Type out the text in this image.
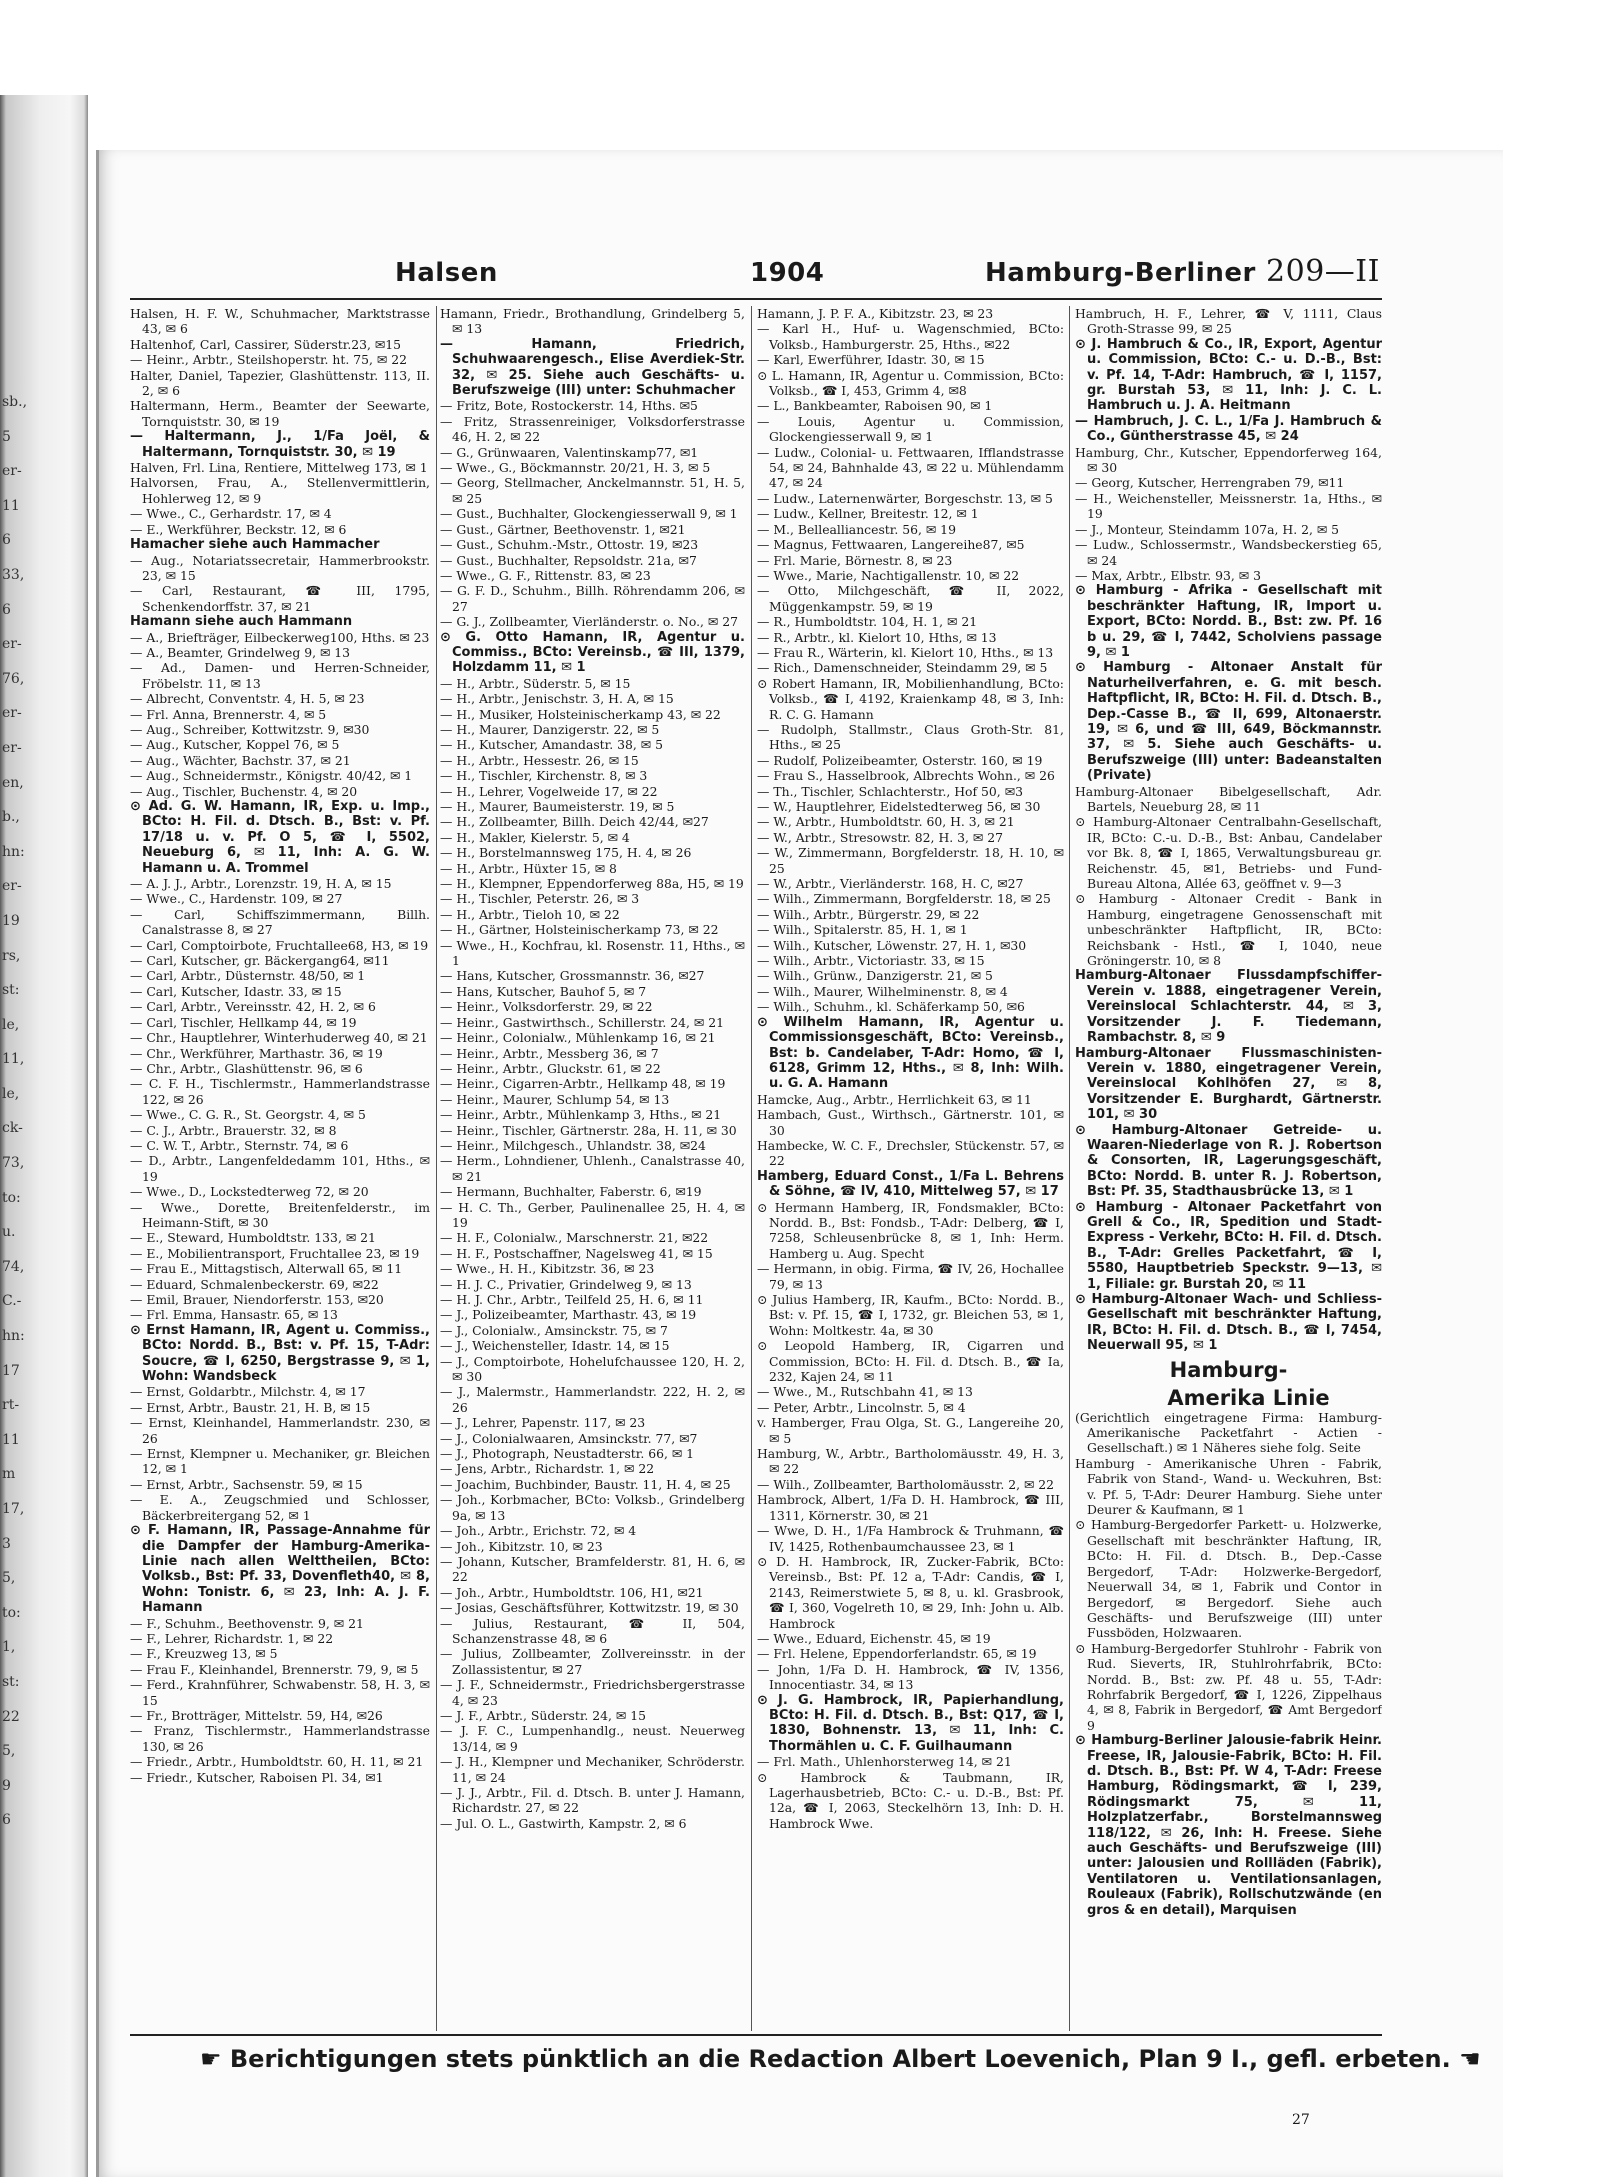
sb.,
5
er-
11
6
33,
6
er-
76,
er-
er-
en,
b.,
hn:
er-
19
rs,
st:
le,
11,
le,
ck-
73,
to:
u.
74,
C.-
hn:
17
rt-
11
m
17,
3
5,
to:
1,
st:
22
5,
9
6
Halsen	1904	Hamburg-Berliner 209—II

Halsen, H. F. W., Schuhmacher, Marktstrasse 43, ✉ 6

Haltenhof, Carl, Cassirer, Süderstr.23, ✉15

— Heinr., Arbtr., Steilshoperstr. ht. 75, ✉ 22

Halter, Daniel, Tapezier, Glashüttenstr. 113, II. 2, ✉ 6

Haltermann, Herm., Beamter der Seewarte, Tornquiststr. 30, ✉ 19

— Haltermann, J., 1/Fa Joël, & Haltermann, Tornquiststr. 30, ✉ 19

Halven, Frl. Lina, Rentiere, Mittelweg 173, ✉ 1

Halvorsen, Frau, A., Stellenvermittlerin, Hohlerweg 12, ✉ 9

— Wwe., C., Gerhardstr. 17, ✉ 4

— E., Werkführer, Beckstr. 12, ✉ 6

Hamacher siehe auch Hammacher

— Aug., Notariatssecretair, Hammerbrookstr. 23, ✉ 15

— Carl, Restaurant, ☎ III, 1795, Schenkendorffstr. 37, ✉ 21

Hamann siehe auch Hammann

— A., Briefträger, Eilbeckerweg100, Hths. ✉ 23

— A., Beamter, Grindelweg 9, ✉ 13

— Ad., Damen- und Herren-Schneider, Fröbelstr. 11, ✉ 13

— Albrecht, Conventstr. 4, H. 5, ✉ 23

— Frl. Anna, Brennerstr. 4, ✉ 5

— Aug., Schreiber, Kottwitzstr. 9, ✉30

— Aug., Kutscher, Koppel 76, ✉ 5

— Aug., Wächter, Bachstr. 37, ✉ 21

— Aug., Schneidermstr., Königstr. 40/42, ✉ 1

— Aug., Tischler, Buchenstr. 4, ✉ 20

⊙ Ad. G. W. Hamann, IR, Exp. u. Imp., BCto: H. Fil. d. Dtsch. B., Bst: v. Pf. 17/18 u. v. Pf. O 5, ☎ I, 5502, Neueburg 6, ✉ 11, Inh: A. G. W. Hamann u. A. Trommel

— A. J. J., Arbtr., Lorenzstr. 19, H. A, ✉ 15

— Wwe., C., Hardenstr. 109, ✉ 27

— Carl, Schiffszimmermann, Billh. Canalstrasse 8, ✉ 27

— Carl, Comptoirbote, Fruchtallee68, H3, ✉ 19

— Carl, Kutscher, gr. Bäckergang64, ✉11

— Carl, Arbtr., Düsternstr. 48/50, ✉ 1

— Carl, Kutscher, Idastr. 33, ✉ 15

— Carl, Arbtr., Vereinsstr. 42, H. 2, ✉ 6

— Carl, Tischler, Hellkamp 44, ✉ 19

— Chr., Hauptlehrer, Winterhuderweg 40, ✉ 21

— Chr., Werkführer, Marthastr. 36, ✉ 19

— Chr., Arbtr., Glashüttenstr. 96, ✉ 6

— C. F. H., Tischlermstr., Hammerlandstrasse 122, ✉ 26

— Wwe., C. G. R., St. Georgstr. 4, ✉ 5

— C. J., Arbtr., Brauerstr. 32, ✉ 8

— C. W. T., Arbtr., Sternstr. 74, ✉ 6

— D., Arbtr., Langenfeldedamm 101, Hths., ✉ 19

— Wwe., D., Lockstedterweg 72, ✉ 20

— Wwe., Dorette, Breitenfelderstr., im Heimann-Stift, ✉ 30

— E., Steward, Humboldtstr. 133, ✉ 21

— E., Mobilientransport, Fruchtallee 23, ✉ 19

— Frau E., Mittagstisch, Alterwall 65, ✉ 11

— Eduard, Schmalenbeckerstr. 69, ✉22

— Emil, Brauer, Niendorferstr. 153, ✉20

— Frl. Emma, Hansastr. 65, ✉ 13

⊙ Ernst Hamann, IR, Agent u. Commiss., BCto: Nordd. B., Bst: v. Pf. 15, T-Adr: Soucre, ☎ I, 6250, Bergstrasse 9, ✉ 1, Wohn: Wandsbeck

— Ernst, Goldarbtr., Milchstr. 4, ✉ 17

— Ernst, Arbtr., Baustr. 21, H. B, ✉ 15

— Ernst, Kleinhandel, Hammerlandstr. 230, ✉ 26

— Ernst, Klempner u. Mechaniker, gr. Bleichen 12, ✉ 1

— Ernst, Arbtr., Sachsenstr. 59, ✉ 15

— E. A., Zeugschmied und Schlosser, Bäckerbreitergang 52, ✉ 1

⊙ F. Hamann, IR, Passage-Annahme für die Dampfer der Hamburg-Amerika-Linie nach allen Welttheilen, BCto: Volksb., Bst: Pf. 33, Dovenfleth40, ✉ 8, Wohn: Tonistr. 6, ✉ 23, Inh: A. J. F. Hamann

— F., Schuhm., Beethovenstr. 9, ✉ 21

— F., Lehrer, Richardstr. 1, ✉ 22

— F., Kreuzweg 13, ✉ 5

— Frau F., Kleinhandel, Brennerstr. 79, 9, ✉ 5

— Ferd., Krahnführer, Schwabenstr. 58, H. 3, ✉ 15

— Fr., Brotträger, Mittelstr. 59, H4, ✉26

— Franz, Tischlermstr., Hammerlandstrasse 130, ✉ 26

— Friedr., Arbtr., Humboldtstr. 60, H. 11, ✉ 21

— Friedr., Kutscher, Raboisen Pl. 34, ✉1

Hamann, Friedr., Brothandlung, Grindelberg 5, ✉ 13

— Hamann, Friedrich, Schuhwaarengesch., Elise Averdiek-Str. 32, ✉ 25. Siehe auch Geschäfts- u. Berufszweige (III) unter: Schuhmacher

— Fritz, Bote, Rostockerstr. 14, Hths. ✉5

— Fritz, Strassenreiniger, Volksdorferstrasse 46, H. 2, ✉ 22

— G., Grünwaaren, Valentinskamp77, ✉1

— Wwe., G., Böckmannstr. 20/21, H. 3, ✉ 5

— Georg, Stellmacher, Anckelmannstr. 51, H. 5, ✉ 25

— Gust., Buchhalter, Glockengiesserwall 9, ✉ 1

— Gust., Gärtner, Beethovenstr. 1, ✉21

— Gust., Schuhm.-Mstr., Ottostr. 19, ✉23

— Gust., Buchhalter, Repsoldstr. 21a, ✉7

— Wwe., G. F., Rittenstr. 83, ✉ 23

— G. F. D., Schuhm., Billh. Röhrendamm 206, ✉ 27

— G. J., Zollbeamter, Vierländerstr. o. No., ✉ 27

⊙ G. Otto Hamann, IR, Agentur u. Commiss., BCto: Vereinsb., ☎ III, 1379, Holzdamm 11, ✉ 1

— H., Arbtr., Süderstr. 5, ✉ 15

— H., Arbtr., Jenischstr. 3, H. A, ✉ 15

— H., Musiker, Holsteinischerkamp 43, ✉ 22

— H., Maurer, Danzigerstr. 22, ✉ 5

— H., Kutscher, Amandastr. 38, ✉ 5

— H., Arbtr., Hessestr. 26, ✉ 15

— H., Tischler, Kirchenstr. 8, ✉ 3

— H., Lehrer, Vogelweide 17, ✉ 22

— H., Maurer, Baumeisterstr. 19, ✉ 5

— H., Zollbeamter, Billh. Deich 42/44, ✉27

— H., Makler, Kielerstr. 5, ✉ 4

— H., Borstelmannsweg 175, H. 4, ✉ 26

— H., Arbtr., Hüxter 15, ✉ 8

— H., Klempner, Eppendorferweg 88a, H5, ✉ 19

— H., Tischler, Peterstr. 26, ✉ 3

— H., Arbtr., Tieloh 10, ✉ 22

— H., Gärtner, Holsteinischerkamp 73, ✉ 22

— Wwe., H., Kochfrau, kl. Rosenstr. 11, Hths., ✉ 1

— Hans, Kutscher, Grossmannstr. 36, ✉27

— Hans, Kutscher, Bauhof 5, ✉ 7

— Heinr., Volksdorferstr. 29, ✉ 22

— Heinr., Gastwirthsch., Schillerstr. 24, ✉ 21

— Heinr., Colonialw., Mühlenkamp 16, ✉ 21

— Heinr., Arbtr., Messberg 36, ✉ 7

— Heinr., Arbtr., Gluckstr. 61, ✉ 22

— Heinr., Cigarren-Arbtr., Hellkamp 48, ✉ 19

— Heinr., Maurer, Schlump 54, ✉ 13

— Heinr., Arbtr., Mühlenkamp 3, Hths., ✉ 21

— Heinr., Tischler, Gärtnerstr. 28a, H. 11, ✉ 30

— Heinr., Milchgesch., Uhlandstr. 38, ✉24

— Herm., Lohndiener, Uhlenh., Canalstrasse 40, ✉ 21

— Hermann, Buchhalter, Faberstr. 6, ✉19

— H. C. Th., Gerber, Paulinenallee 25, H. 4, ✉ 19

— H. F., Colonialw., Marschnerstr. 21, ✉22

— H. F., Postschaffner, Nagelsweg 41, ✉ 15

— Wwe., H. H., Kibitzstr. 36, ✉ 23

— H. J. C., Privatier, Grindelweg 9, ✉ 13

— H. J. Chr., Arbtr., Teilfeld 25, H. 6, ✉ 11

— J., Polizeibeamter, Marthastr. 43, ✉ 19

— J., Colonialw., Amsinckstr. 75, ✉ 7

— J., Weichensteller, Idastr. 14, ✉ 15

— J., Comptoirbote, Hohelufchaussee 120, H. 2, ✉ 30

— J., Malermstr., Hammerlandstr. 222, H. 2, ✉ 26

— J., Lehrer, Papenstr. 117, ✉ 23

— J., Colonialwaaren, Amsinckstr. 77, ✉7

— J., Photograph, Neustadterstr. 66, ✉ 1

— Jens, Arbtr., Richardstr. 1, ✉ 22

— Joachim, Buchbinder, Baustr. 11, H. 4, ✉ 25

— Joh., Korbmacher, BCto: Volksb., Grindelberg 9a, ✉ 13

— Joh., Arbtr., Erichstr. 72, ✉ 4

— Joh., Kibitzstr. 10, ✉ 23

— Johann, Kutscher, Bramfelderstr. 81, H. 6, ✉ 22

— Joh., Arbtr., Humboldtstr. 106, H1, ✉21

— Josias, Geschäftsführer, Kottwitzstr. 19, ✉ 30

— Julius, Restaurant, ☎ II, 504, Schanzenstrasse 48, ✉ 6

— Julius, Zollbeamter, Zollvereinsstr. in der Zollassistentur, ✉ 27

— J. F., Schneidermstr., Friedrichsbergerstrasse 4, ✉ 23

— J. F., Arbtr., Süderstr. 24, ✉ 15

— J. F. C., Lumpenhandlg., neust. Neuerweg 13/14, ✉ 9

— J. H., Klempner und Mechaniker, Schröderstr. 11, ✉ 24

— J. J., Arbtr., Fil. d. Dtsch. B. unter J. Hamann, Richardstr. 27, ✉ 22

— Jul. O. L., Gastwirth, Kampstr. 2, ✉ 6

Hamann, J. P. F. A., Kibitzstr. 23, ✉ 23

— Karl H., Huf- u. Wagenschmied, BCto: Volksb., Hamburgerstr. 25, Hths., ✉22

— Karl, Ewerführer, Idastr. 30, ✉ 15

⊙ L. Hamann, IR, Agentur u. Commission, BCto: Volksb., ☎ I, 453, Grimm 4, ✉8

— L., Bankbeamter, Raboisen 90, ✉ 1

— Louis, Agentur u. Commission, Glockengiesserwall 9, ✉ 1

— Ludw., Colonial- u. Fettwaaren, Ifflandstrasse 54, ✉ 24, Bahnhalde 43, ✉ 22 u. Mühlendamm 47, ✉ 24

— Ludw., Laternenwärter, Borgeschstr. 13, ✉ 5

— Ludw., Kellner, Breitestr. 12, ✉ 1

— M., Bellealliancestr. 56, ✉ 19

— Magnus, Fettwaaren, Langereihe87, ✉5

— Frl. Marie, Börnestr. 8, ✉ 23

— Wwe., Marie, Nachtigallenstr. 10, ✉ 22

— Otto, Milchgeschäft, ☎ II, 2022, Müggenkampstr. 59, ✉ 19

— R., Humboldtstr. 104, H. 1, ✉ 21

— R., Arbtr., kl. Kielort 10, Hths, ✉ 13

— Frau R., Wärterin, kl. Kielort 10, Hths., ✉ 13

— Rich., Damenschneider, Steindamm 29, ✉ 5

⊙ Robert Hamann, IR, Mobilienhandlung, BCto: Volksb., ☎ I, 4192, Kraienkamp 48, ✉ 3, Inh: R. C. G. Hamann

— Rudolph, Stallmstr., Claus Groth-Str. 81, Hths., ✉ 25

— Rudolf, Polizeibeamter, Osterstr. 160, ✉ 19

— Frau S., Hasselbrook, Albrechts Wohn., ✉ 26

— Th., Tischler, Schlachterstr., Hof 50, ✉3

— W., Hauptlehrer, Eidelstedterweg 56, ✉ 30

— W., Arbtr., Humboldtstr. 60, H. 3, ✉ 21

— W., Arbtr., Stresowstr. 82, H. 3, ✉ 27

— W., Zimmermann, Borgfelderstr. 18, H. 10, ✉ 25

— W., Arbtr., Vierländerstr. 168, H. C, ✉27

— Wilh., Zimmermann, Borgfelderstr. 18, ✉ 25

— Wilh., Arbtr., Bürgerstr. 29, ✉ 22

— Wilh., Spitalerstr. 85, H. 1, ✉ 1

— Wilh., Kutscher, Löwenstr. 27, H. 1, ✉30

— Wilh., Arbtr., Victoriastr. 33, ✉ 15

— Wilh., Grünw., Danzigerstr. 21, ✉ 5

— Wilh., Maurer, Wilhelminenstr. 8, ✉ 4

— Wilh., Schuhm., kl. Schäferkamp 50, ✉6

⊙ Wilhelm Hamann, IR, Agentur u. Commissionsgeschäft, BCto: Vereinsb., Bst: b. Candelaber, T-Adr: Homo, ☎ I, 6128, Grimm 12, Hths., ✉ 8, Inh: Wilh. u. G. A. Hamann

Hamcke, Aug., Arbtr., Herrlichkeit 63, ✉ 11

Hambach, Gust., Wirthsch., Gärtnerstr. 101, ✉ 30

Hambecke, W. C. F., Drechsler, Stückenstr. 57, ✉ 22

Hamberg, Eduard Const., 1/Fa L. Behrens & Söhne, ☎ IV, 410, Mittelweg 57, ✉ 17

⊙ Hermann Hamberg, IR, Fondsmakler, BCto: Nordd. B., Bst: Fondsb., T-Adr: Delberg, ☎ I, 7258, Schleusenbrücke 8, ✉ 1, Inh: Herm. Hamberg u. Aug. Specht

— Hermann, in obig. Firma, ☎ IV, 26, Hochallee 79, ✉ 13

⊙ Julius Hamberg, IR, Kaufm., BCto: Nordd. B., Bst: v. Pf. 15, ☎ I, 1732, gr. Bleichen 53, ✉ 1, Wohn: Moltkestr. 4a, ✉ 30

⊙ Leopold Hamberg, IR, Cigarren und Commission, BCto: H. Fil. d. Dtsch. B., ☎ Ia, 232, Kajen 24, ✉ 11

— Wwe., M., Rutschbahn 41, ✉ 13

— Peter, Arbtr., Lincolnstr. 5, ✉ 4

v. Hamberger, Frau Olga, St. G., Langereihe 20, ✉ 5

Hamburg, W., Arbtr., Bartholomäusstr. 49, H. 3, ✉ 22

— Wilh., Zollbeamter, Bartholomäusstr. 2, ✉ 22

Hambrock, Albert, 1/Fa D. H. Hambrock, ☎ III, 1311, Körnerstr. 30, ✉ 21

— Wwe, D. H., 1/Fa Hambrock & Truhmann, ☎ IV, 1425, Rothenbaumchaussee 23, ✉ 1

⊙ D. H. Hambrock, IR, Zucker-Fabrik, BCto: Vereinsb., Bst: Pf. 12 a, T-Adr: Candis, ☎ I, 2143, Reimerstwiete 5, ✉ 8, u. kl. Grasbrook, ☎ I, 360, Vogelreth 10, ✉ 29, Inh: John u. Alb. Hambrock

— Wwe., Eduard, Eichenstr. 45, ✉ 19

— Frl. Helene, Eppendorferlandstr. 65, ✉ 19

— John, 1/Fa D. H. Hambrock, ☎ IV, 1356, Innocentiastr. 34, ✉ 13

⊙ J. G. Hambrock, IR, Papierhandlung, BCto: H. Fil. d. Dtsch. B., Bst: Q17, ☎ I, 1830, Bohnenstr. 13, ✉ 11, Inh: C. Thormählen u. C. F. Guilhaumann

— Frl. Math., Uhlenhorsterweg 14, ✉ 21

⊙ Hambrock & Taubmann, IR, Lagerhausbetrieb, BCto: C.- u. D.-B., Bst: Pf. 12a, ☎ I, 2063, Steckelhörn 13, Inh: D. H. Hambrock Wwe.

Hambruch, H. F., Lehrer, ☎ V, 1111, Claus Groth-Strasse 99, ✉ 25

⊙ J. Hambruch & Co., IR, Export, Agentur u. Commission, BCto: C.- u. D.-B., Bst: v. Pf. 14, T-Adr: Hambruch, ☎ I, 1157, gr. Burstah 53, ✉ 11, Inh: J. C. L. Hambruch u. J. A. Heitmann

— Hambruch, J. C. L., 1/Fa J. Hambruch & Co., Güntherstrasse 45, ✉ 24

Hamburg, Chr., Kutscher, Eppendorferweg 164, ✉ 30

— Georg, Kutscher, Herrengraben 79, ✉11

— H., Weichensteller, Meissnerstr. 1a, Hths., ✉ 19

— J., Monteur, Steindamm 107a, H. 2, ✉ 5

— Ludw., Schlossermstr., Wandsbeckerstieg 65, ✉ 24

— Max, Arbtr., Elbstr. 93, ✉ 3

⊙ Hamburg - Afrika - Gesellschaft mit beschränkter Haftung, IR, Import u. Export, BCto: Nordd. B., Bst: zw. Pf. 16 b u. 29, ☎ I, 7442, Scholviens passage 9, ✉ 1

⊙ Hamburg - Altonaer Anstalt für Naturheilverfahren, e. G. mit besch. Haftpflicht, IR, BCto: H. Fil. d. Dtsch. B., Dep.-Casse B., ☎ II, 699, Altonaerstr. 19, ✉ 6, und ☎ III, 649, Böckmannstr. 37, ✉ 5. Siehe auch Geschäfts- u. Berufszweige (III) unter: Badeanstalten (Private)

Hamburg-Altonaer Bibelgesellschaft, Adr. Bartels, Neueburg 28, ✉ 11

⊙ Hamburg-Altonaer Centralbahn-Gesellschaft, IR, BCto: C.-u. D.-B., Bst: Anbau, Candelaber vor Bk. 8, ☎ I, 1865, Verwaltungsbureau gr. Reichenstr. 45, ✉1, Betriebs- und Fund-Bureau Altona, Allée 63, geöffnet v. 9—3

⊙ Hamburg - Altonaer Credit - Bank in Hamburg, eingetragene Genossenschaft mit unbeschränkter Haftpflicht, IR, BCto: Reichsbank - Hstl., ☎ I, 1040, neue Gröningerstr. 10, ✉ 8

Hamburg-Altonaer Flussdampfschiffer-Verein v. 1888, eingetragener Verein, Vereinslocal Schlachterstr. 44, ✉ 3, Vorsitzender J. F. Tiedemann, Rambachstr. 8, ✉ 9

Hamburg-Altonaer Flussmaschinisten-Verein v. 1880, eingetragener Verein, Vereinslocal Kohlhöfen 27, ✉ 8, Vorsitzender E. Burghardt, Gärtnerstr. 101, ✉ 30

⊙ Hamburg-Altonaer Getreide- u. Waaren-Niederlage von R. J. Robertson & Consorten, IR, Lagerungsgeschäft, BCto: Nordd. B. unter R. J. Robertson, Bst: Pf. 35, Stadthausbrücke 13, ✉ 1

⊙ Hamburg - Altonaer Packetfahrt von Grell & Co., IR, Spedition und Stadt-Express - Verkehr, BCto: H. Fil. d. Dtsch. B., T-Adr: Grelles Packetfahrt, ☎ I, 5580, Hauptbetrieb Speckstr. 9—13, ✉ 1, Filiale: gr. Burstah 20, ✉ 11

⊙ Hamburg-Altonaer Wach- und Schliess-Gesellschaft mit beschränkter Haftung, IR, BCto: H. Fil. d. Dtsch. B., ☎ I, 7454, Neuerwall 95, ✉ 1

Hamburg-

Amerika Linie

(Gerichtlich eingetragene Firma: Hamburg-Amerikanische Packetfahrt - Actien - Gesellschaft.) ✉ 1 Näheres siehe folg. Seite

Hamburg - Amerikanische Uhren - Fabrik, Fabrik von Stand-, Wand- u. Weckuhren, Bst: v. Pf. 5, T-Adr: Deurer Hamburg. Siehe unter Deurer & Kaufmann, ✉ 1

⊙ Hamburg-Bergedorfer Parkett- u. Holzwerke, Gesellschaft mit beschränkter Haftung, IR, BCto: H. Fil. d. Dtsch. B., Dep.-Casse Bergedorf, T-Adr: Holzwerke-Bergedorf, Neuerwall 34, ✉ 1, Fabrik und Contor in Bergedorf, ✉ Bergedorf. Siehe auch Geschäfts- und Berufszweige (III) unter Fussböden, Holzwaaren.

⊙ Hamburg-Bergedorfer Stuhlrohr - Fabrik von Rud. Sieverts, IR, Stuhlrohrfabrik, BCto: Nordd. B., Bst: zw. Pf. 48 u. 55, T-Adr: Rohrfabrik Bergedorf, ☎ I, 1226, Zippelhaus 4, ✉ 8, Fabrik in Bergedorf, ☎ Amt Bergedorf 9

⊙ Hamburg-Berliner Jalousie-fabrik Heinr. Freese, IR, Jalousie-Fabrik, BCto: H. Fil. d. Dtsch. B., Bst: Pf. W 4, T-Adr: Freese Hamburg, Rödingsmarkt, ☎ I, 239, Rödingsmarkt 75, ✉ 11, Holzplatzerfabr., Borstelmannsweg 118/122, ✉ 26, Inh: H. Freese. Siehe auch Geschäfts- und Berufszweige (III) unter: Jalousien und Rollläden (Fabrik), Ventilatoren u. Ventilationsanlagen, Rouleaux (Fabrik), Rollschutzwände (en gros & en detail), Marquisen

☛ Berichtigungen stets pünktlich an die Redaction Albert Loevenich, Plan 9 I., gefl. erbeten. ☚
27
